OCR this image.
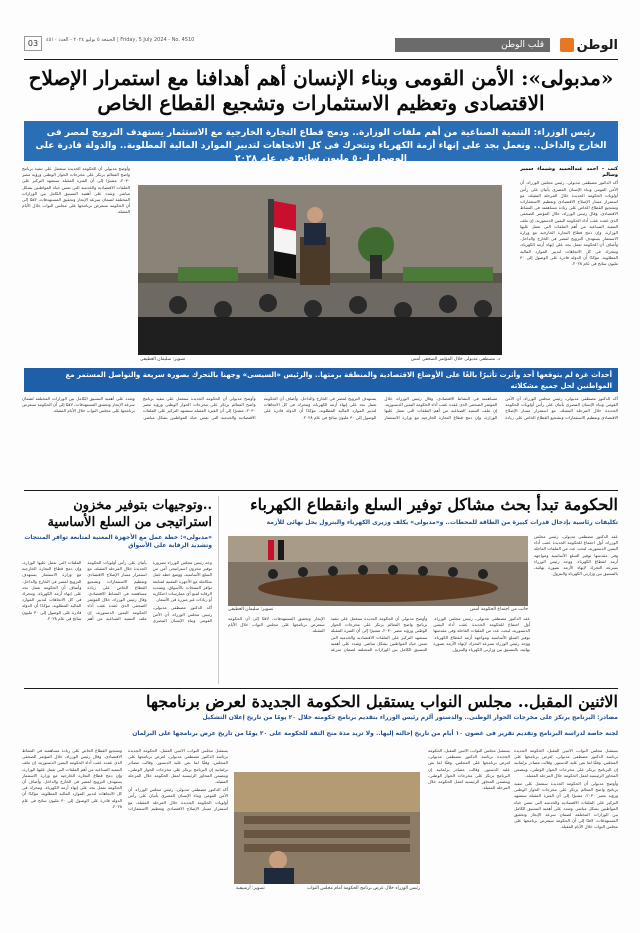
الوطن
قلب الوطن
الجمعة ٥ يوليو ٢٠٢٤ - العدد ٤٥١٠ | Friday, 5 July 2024 - No. 4510
03
«مدبولى»: الأمن القومى وبناء الإنسان أهم أهدافنا مع استمرار الإصلاح الاقتصادى وتعظيم الاستثمارات وتشجيع القطاع الخاص
رئيس الوزراء: التنمية الصناعية من أهم ملفات الوزارة.. ودمج قطاع التجارة الخارجية مع الاستثمار يستهدف الترويج لمصر فى الخارج والداخل.. ونعمل بجد على إنهاء أزمة الكهرباء ونتحرك فى كل الاتجاهات لتدبير الموارد المالية المطلوبة.. والدولة قادرة على الوصول لـ٥٠ مليون سائح فى عام ٢٠٢٨
كتب - أحمد عبدالحميد وشيماء سمير وسالم

أكد الدكتور مصطفى مدبولى، رئيس مجلس الوزراء، أن الأمن القومى وبناء الإنسان المصرى يأتيان على رأس أولويات الحكومة الجديدة خلال المرحلة المقبلة، مع استمرار مسار الإصلاح الاقتصادى وتعظيم الاستثمارات وتشجيع القطاع الخاص على زيادة مساهمته فى النشاط الاقتصادى. وقال رئيس الوزراء، خلال المؤتمر الصحفى الذى عقده عقب أداء الحكومة اليمين الدستورية، إن ملف التنمية الصناعية من أهم الملفات التى تعمل عليها الوزارة، وإن دمج قطاع التجارة الخارجية مع وزارة الاستثمار يستهدف الترويج لمصر فى الخارج والداخل. وأضاف أن الحكومة تعمل بجد على إنهاء أزمة الكهرباء، وتتحرك فى كل الاتجاهات لتدبير الموارد المالية المطلوبة، مؤكدًا أن الدولة قادرة على الوصول إلى ٣٠ مليون سائح فى عام ٢٠٢٨.

د. مصطفى مدبولى خلال المؤتمر الصحفى أمس
تصوير: سليمان العطيفى

وأوضح مدبولى أن الحكومة الجديدة ستعمل على تنفيذ برنامج واضح المعالم يرتكز على مخرجات الحوار الوطنى ورؤية مصر ٢٠٣٠، مشيرًا إلى أن الفترة المقبلة ستشهد التركيز على الملفات الاقتصادية والخدمية التى تمس حياة المواطنين بشكل مباشر. وشدد على أهمية التنسيق الكامل بين الوزارات المختلفة لضمان سرعة الإنجاز وتحقيق المستهدفات، لافتًا إلى أن الحكومة ستعرض برنامجها على مجلس النواب خلال الأيام المقبلة.

أحداث غزة لم يتوقعها أحد وأثرت تأثيرًا بالغًا على الأوضاع الاقتصادية والمنطقة برمتها.. والرئيس «السيسى» وجهنا بالتحرك بصورة سريعة والتواصل المستمر مع المواطنين لحل جميع مشكلاته

أكد الدكتور مصطفى مدبولى، رئيس مجلس الوزراء، أن الأمن القومى وبناء الإنسان المصرى يأتيان على رأس أولويات الحكومة الجديدة خلال المرحلة المقبلة، مع استمرار مسار الإصلاح الاقتصادى وتعظيم الاستثمارات وتشجيع القطاع الخاص على زيادة مساهمته فى النشاط الاقتصادى. وقال رئيس الوزراء، خلال المؤتمر الصحفى الذى عقده عقب أداء الحكومة اليمين الدستورية، إن ملف التنمية الصناعية من أهم الملفات التى تعمل عليها الوزارة، وإن دمج قطاع التجارة الخارجية مع وزارة الاستثمار يستهدف الترويج لمصر فى الخارج والداخل. وأضاف أن الحكومة تعمل بجد على إنهاء أزمة الكهرباء، وتتحرك فى كل الاتجاهات لتدبير الموارد المالية المطلوبة، مؤكدًا أن الدولة قادرة على الوصول إلى ٣٠ مليون سائح فى عام ٢٠٢٨.

وأوضح مدبولى أن الحكومة الجديدة ستعمل على تنفيذ برنامج واضح المعالم يرتكز على مخرجات الحوار الوطنى ورؤية مصر ٢٠٣٠، مشيرًا إلى أن الفترة المقبلة ستشهد التركيز على الملفات الاقتصادية والخدمية التى تمس حياة المواطنين بشكل مباشر. وشدد على أهمية التنسيق الكامل بين الوزارات المختلفة لضمان سرعة الإنجاز وتحقيق المستهدفات، لافتًا إلى أن الحكومة ستعرض برنامجها على مجلس النواب خلال الأيام المقبلة.

الحكومة تبدأ بحث مشاكل توفير السلع وانقطاع الكهرباء
تكليفات رئاسية بإدخال قدرات كبيرة من الطاقة للمحطات.. و«مدبولى» يكلف وزيرى الكهرباء والبترول بحل نهائى للأزمة

عقد الدكتور مصطفى مدبولى، رئيس مجلس الوزراء، أول اجتماع للحكومة الجديدة عقب أداء اليمين الدستورية، لبحث عدد من الملفات العاجلة وفى مقدمتها توفير السلع الأساسية ومواجهة أزمة انقطاع الكهرباء. ووجه رئيس الوزراء بسرعة التحرك لإنهاء الأزمة بصورة نهائية، بالتنسيق بين وزارتى الكهرباء والبترول.

جانب من اجتماع الحكومة أمس
تصوير: سليمان العطيفى

عقد الدكتور مصطفى مدبولى، رئيس مجلس الوزراء، أول اجتماع للحكومة الجديدة عقب أداء اليمين الدستورية، لبحث عدد من الملفات العاجلة وفى مقدمتها توفير السلع الأساسية ومواجهة أزمة انقطاع الكهرباء. ووجه رئيس الوزراء بسرعة التحرك لإنهاء الأزمة بصورة نهائية، بالتنسيق بين وزارتى الكهرباء والبترول.

وأوضح مدبولى أن الحكومة الجديدة ستعمل على تنفيذ برنامج واضح المعالم يرتكز على مخرجات الحوار الوطنى ورؤية مصر ٢٠٣٠، مشيرًا إلى أن الفترة المقبلة ستشهد التركيز على الملفات الاقتصادية والخدمية التى تمس حياة المواطنين بشكل مباشر. وشدد على أهمية التنسيق الكامل بين الوزارات المختلفة لضمان سرعة الإنجاز وتحقيق المستهدفات، لافتًا إلى أن الحكومة ستعرض برنامجها على مجلس النواب خلال الأيام المقبلة.

..وتوجيهات بتوفير مخزون استراتيجى من السلع الأساسية
«مدبولى»: خطة عمل مع الأجهزة المعنية لمتابعة توافر المنتجات وتشديد الرقابة على الأسواق

وجه رئيس مجلس الوزراء بضرورة توفير مخزون استراتيجى آمن من السلع الأساسية، ووضع خطة عمل متكاملة مع الأجهزة المعنية لمتابعة توافر المنتجات بالأسواق، وتشديد الرقابة لمنع أى ممارسات احتكارية أو زيادات غير مبررة فى الأسعار.

أكد الدكتور مصطفى مدبولى، رئيس مجلس الوزراء، أن الأمن القومى وبناء الإنسان المصرى يأتيان على رأس أولويات الحكومة الجديدة خلال المرحلة المقبلة، مع استمرار مسار الإصلاح الاقتصادى وتعظيم الاستثمارات وتشجيع القطاع الخاص على زيادة مساهمته فى النشاط الاقتصادى. وقال رئيس الوزراء، خلال المؤتمر الصحفى الذى عقده عقب أداء الحكومة اليمين الدستورية، إن ملف التنمية الصناعية من أهم الملفات التى تعمل عليها الوزارة، وإن دمج قطاع التجارة الخارجية مع وزارة الاستثمار يستهدف الترويج لمصر فى الخارج والداخل. وأضاف أن الحكومة تعمل بجد على إنهاء أزمة الكهرباء، وتتحرك فى كل الاتجاهات لتدبير الموارد المالية المطلوبة، مؤكدًا أن الدولة قادرة على الوصول إلى ٣٠ مليون سائح فى عام ٢٠٢٨.

الاثنين المقبل.. مجلس النواب يستقبل الحكومة الجديدة لعرض برنامجها
مصادر: البرنامج يرتكز على مخرجات الحوار الوطنى.. والدستور ألزم رئيس الوزراء بتقديم برنامج حكومته خلال ٢٠ يومًا من تاريخ إعلان التشكيل
لجنة خاصة لدراسة البرنامج وتقديم تقرير فى غضون ١٠ أيام من تاريخ إحالته إليها.. ولا تزيد مدة منح الثقة للحكومة على ٢٠ يومًا من تاريخ عرض برنامجها على البرلمان

يستقبل مجلس النواب، الاثنين المقبل، الحكومة الجديدة برئاسة الدكتور مصطفى مدبولى، لعرض برنامجها على المجلس، وفقًا لما نص عليه الدستور. وقالت مصادر برلمانية إن البرنامج يرتكز على مخرجات الحوار الوطنى، ويتضمن المحاور الرئيسية لعمل الحكومة خلال المرحلة المقبلة.

وأوضح مدبولى أن الحكومة الجديدة ستعمل على تنفيذ برنامج واضح المعالم يرتكز على مخرجات الحوار الوطنى ورؤية مصر ٢٠٣٠، مشيرًا إلى أن الفترة المقبلة ستشهد التركيز على الملفات الاقتصادية والخدمية التى تمس حياة المواطنين بشكل مباشر. وشدد على أهمية التنسيق الكامل بين الوزارات المختلفة لضمان سرعة الإنجاز وتحقيق المستهدفات، لافتًا إلى أن الحكومة ستعرض برنامجها على مجلس النواب خلال الأيام المقبلة.

رئيس الوزراء خلال عرض برنامج الحكومة أمام مجلس النواب
تصوير: أرشيفية

يستقبل مجلس النواب، الاثنين المقبل، الحكومة الجديدة برئاسة الدكتور مصطفى مدبولى، لعرض برنامجها على المجلس، وفقًا لما نص عليه الدستور. وقالت مصادر برلمانية إن البرنامج يرتكز على مخرجات الحوار الوطنى، ويتضمن المحاور الرئيسية لعمل الحكومة خلال المرحلة المقبلة.

يستقبل مجلس النواب، الاثنين المقبل، الحكومة الجديدة برئاسة الدكتور مصطفى مدبولى، لعرض برنامجها على المجلس، وفقًا لما نص عليه الدستور. وقالت مصادر برلمانية إن البرنامج يرتكز على مخرجات الحوار الوطنى، ويتضمن المحاور الرئيسية لعمل الحكومة خلال المرحلة المقبلة.

أكد الدكتور مصطفى مدبولى، رئيس مجلس الوزراء، أن الأمن القومى وبناء الإنسان المصرى يأتيان على رأس أولويات الحكومة الجديدة خلال المرحلة المقبلة، مع استمرار مسار الإصلاح الاقتصادى وتعظيم الاستثمارات وتشجيع القطاع الخاص على زيادة مساهمته فى النشاط الاقتصادى. وقال رئيس الوزراء، خلال المؤتمر الصحفى الذى عقده عقب أداء الحكومة اليمين الدستورية، إن ملف التنمية الصناعية من أهم الملفات التى تعمل عليها الوزارة، وإن دمج قطاع التجارة الخارجية مع وزارة الاستثمار يستهدف الترويج لمصر فى الخارج والداخل. وأضاف أن الحكومة تعمل بجد على إنهاء أزمة الكهرباء، وتتحرك فى كل الاتجاهات لتدبير الموارد المالية المطلوبة، مؤكدًا أن الدولة قادرة على الوصول إلى ٣٠ مليون سائح فى عام ٢٠٢٨.
